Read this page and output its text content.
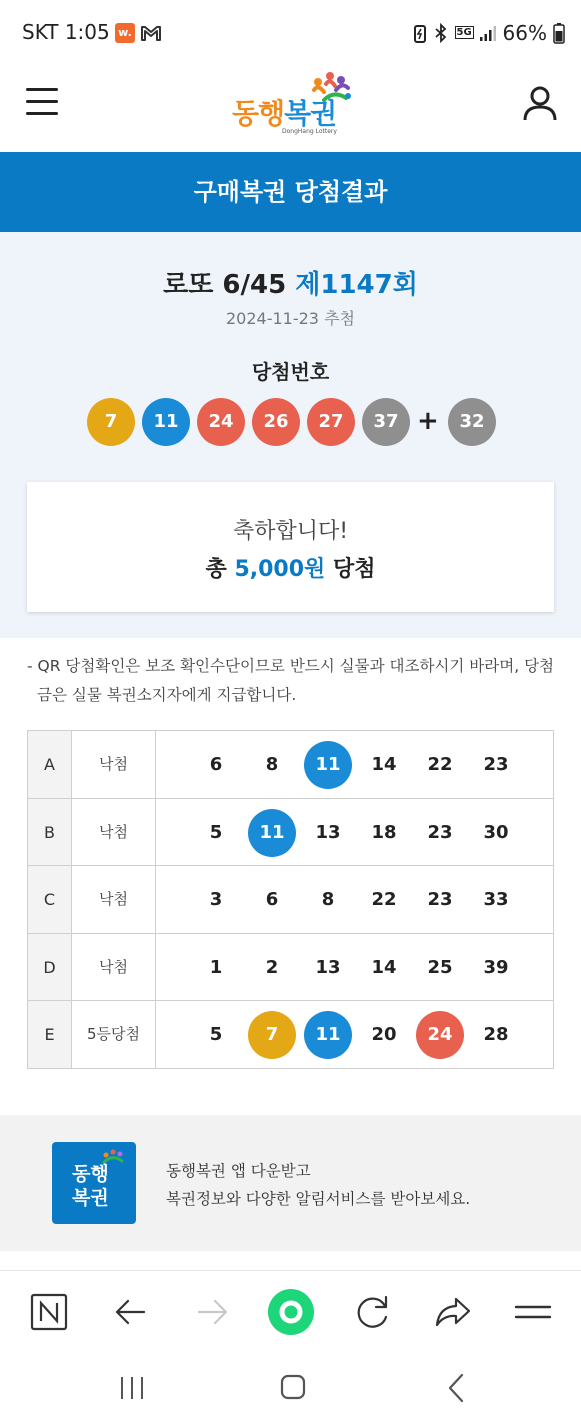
SKT 1:05 w.	5G 66%
동행복권
DongHang Lottery
구매복권 당첨결과
로또 6/45 제1147회
2024-11-23 추첨
당첨번호
7	11	24	26	27	37 +	32
축하합니다!
총 5,000원 당첨
- QR 당첨확인은 보조 확인수단이므로 반드시 실물과 대조하시기 바라며, 당첨
금은 실물 복권소지자에게 지급합니다.
A	낙첨	6	8	11	14	22	23
B	낙첨	5	11	13	18	23	30
C	낙첨	3	6	8	22	23	33
D	낙첨	1	2	13	14	25	39
E	5등당첨	5	7	11	20	24	28
동행
복권
동행복권 앱 다운받고
복권정보와 다양한 알림서비스를 받아보세요.
